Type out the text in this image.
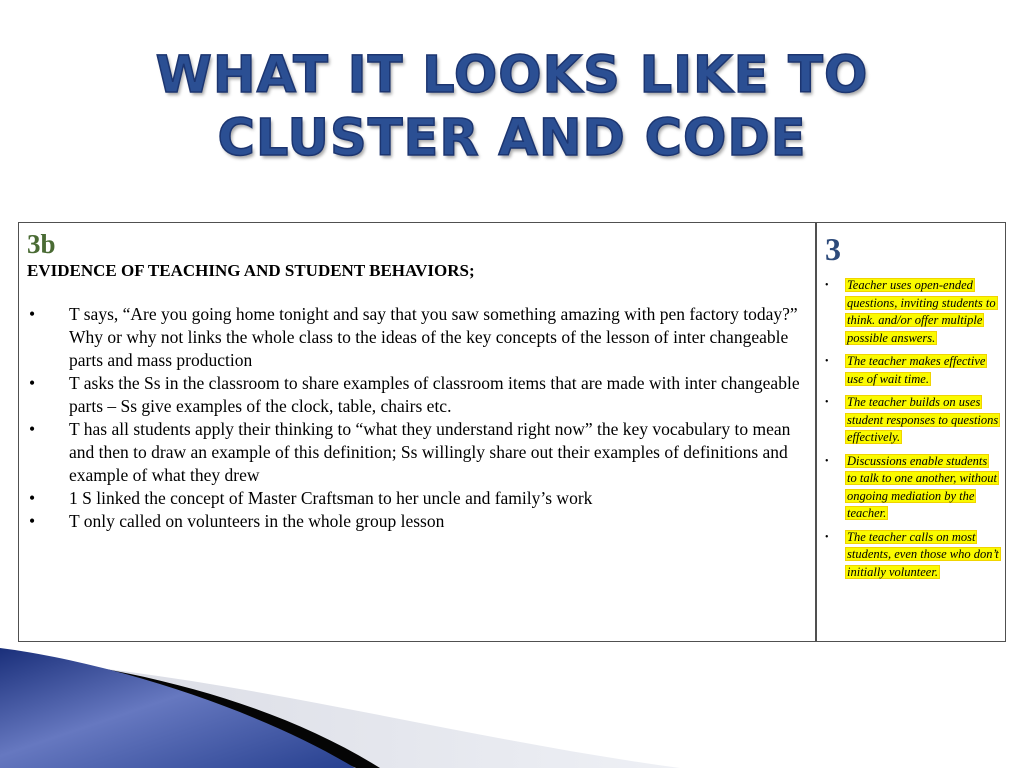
WHAT IT LOOKS LIKE TO
CLUSTER AND CODE
3b
EVIDENCE OF TEACHING AND STUDENT BEHAVIORS;
• T says, “Are you going home tonight and say that you saw something amazing with pen factory today?” Why or why not links the whole class to the ideas of the key concepts of the lesson of inter changeable parts and mass production
• T asks the Ss in the classroom to share examples of classroom items that are made with inter changeable parts – Ss give examples of the clock, table, chairs etc.
• T has all students apply their thinking to “what they understand right now” the key vocabulary to mean and then to draw an example of this definition; Ss willingly share out their examples of definitions and example of what they drew
• 1 S linked the concept of Master Craftsman to her uncle and family’s work
• T only called on volunteers in the whole group lesson
3
• Teacher uses open-ended questions, inviting students to think. and/or offer multiple possible answers.
• The teacher makes effective use of wait time.
• The teacher builds on uses student responses to questions effectively.
• Discussions enable students to talk to one another, without ongoing mediation by the teacher.
• The teacher calls on most students, even those who don’t initially volunteer.
